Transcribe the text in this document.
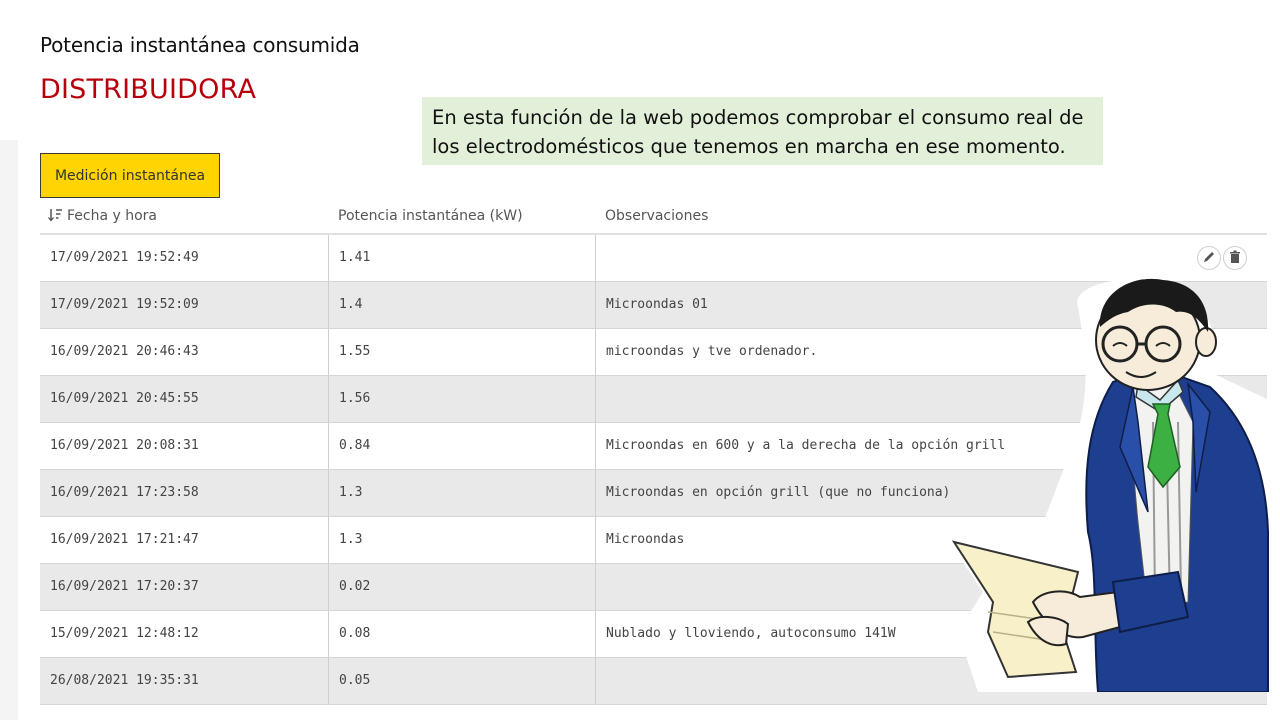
Potencia instantánea consumida
DISTRIBUIDORA
En esta función de la web podemos comprobar el consumo real de
los electrodomésticos que tenemos en marcha en ese momento.
Medición instantánea
Fecha y hora	Potencia instantánea (kW)	Observaciones
17/09/2021 19:52:49	1.41
17/09/2021 19:52:09	1.4	Microondas 01
16/09/2021 20:46:43	1.55	microondas y tve ordenador.
16/09/2021 20:45:55	1.56
16/09/2021 20:08:31	0.84	Microondas en 600 y a la derecha de la opción grill
16/09/2021 17:23:58	1.3	Microondas en opción grill (que no funciona)
16/09/2021 17:21:47	1.3	Microondas
16/09/2021 17:20:37	0.02
15/09/2021 12:48:12	0.08	Nublado y lloviendo, autoconsumo 141W
26/08/2021 19:35:31	0.05
